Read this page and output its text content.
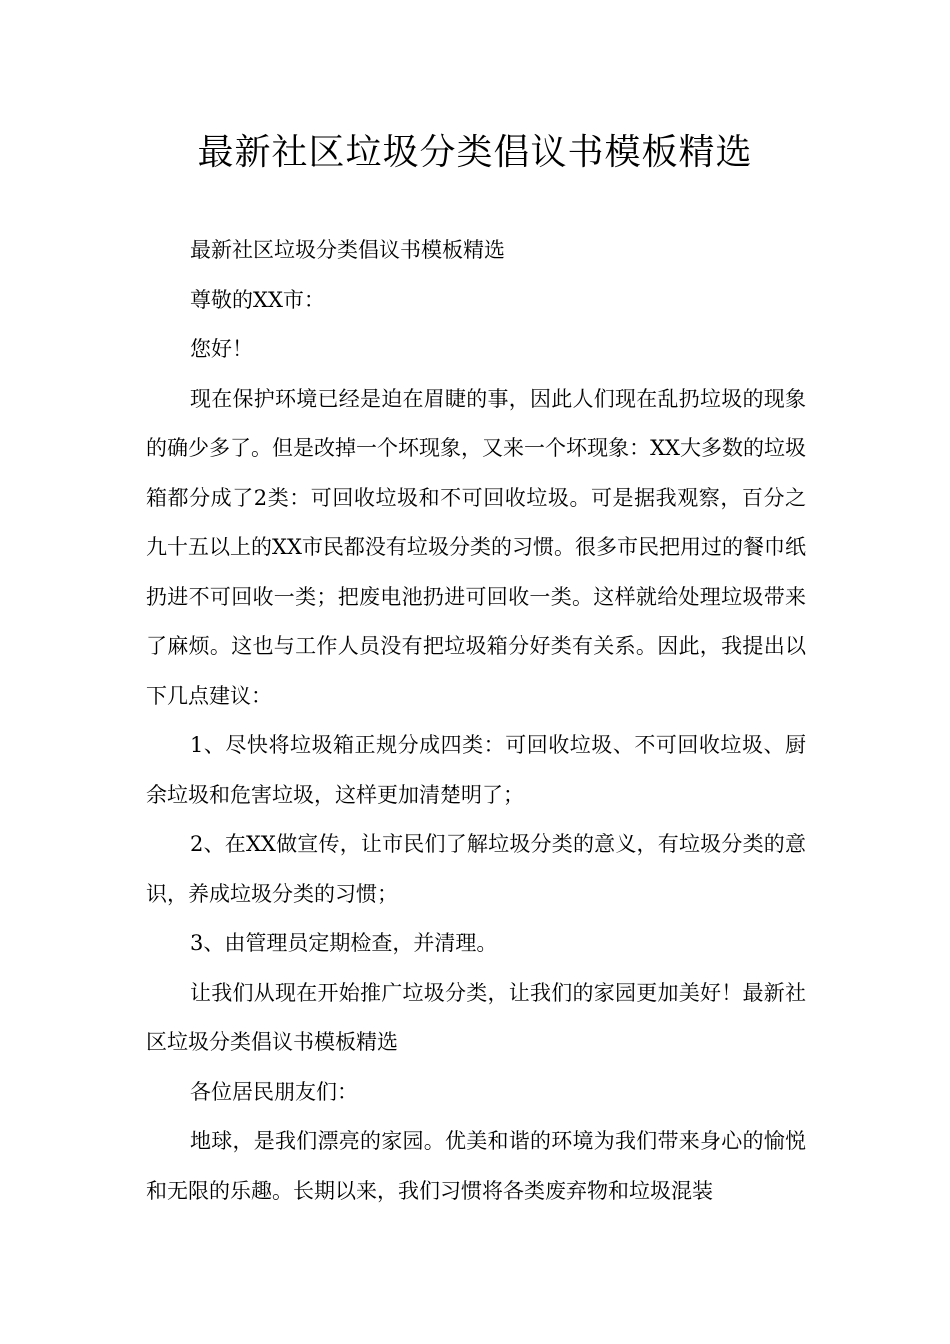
最新社区垃圾分类倡议书模板精选

最新社区垃圾分类倡议书模板精选

尊敬的XX市：

您好！

现在保护环境已经是迫在眉睫的事，因此人们现在乱扔垃圾的现象的确少多了。但是改掉一个坏现象，又来一个坏现象：XX大多数的垃圾箱都分成了2类：可回收垃圾和不可回收垃圾。可是据我观察，百分之九十五以上的XX市民都没有垃圾分类的习惯。很多市民把用过的餐巾纸扔进不可回收一类；把废电池扔进可回收一类。这样就给处理垃圾带来了麻烦。这也与工作人员没有把垃圾箱分好类有关系。因此，我提出以下几点建议：

1、尽快将垃圾箱正规分成四类：可回收垃圾、不可回收垃圾、厨余垃圾和危害垃圾，这样更加清楚明了；

2、在XX做宣传，让市民们了解垃圾分类的意义，有垃圾分类的意识，养成垃圾分类的习惯；

3、由管理员定期检查，并清理。

让我们从现在开始推广垃圾分类，让我们的家园更加美好！最新社区垃圾分类倡议书模板精选

各位居民朋友们：

地球，是我们漂亮的家园。优美和谐的环境为我们带来身心的愉悦和无限的乐趣。长期以来，我们习惯将各类废弃物和垃圾混装
